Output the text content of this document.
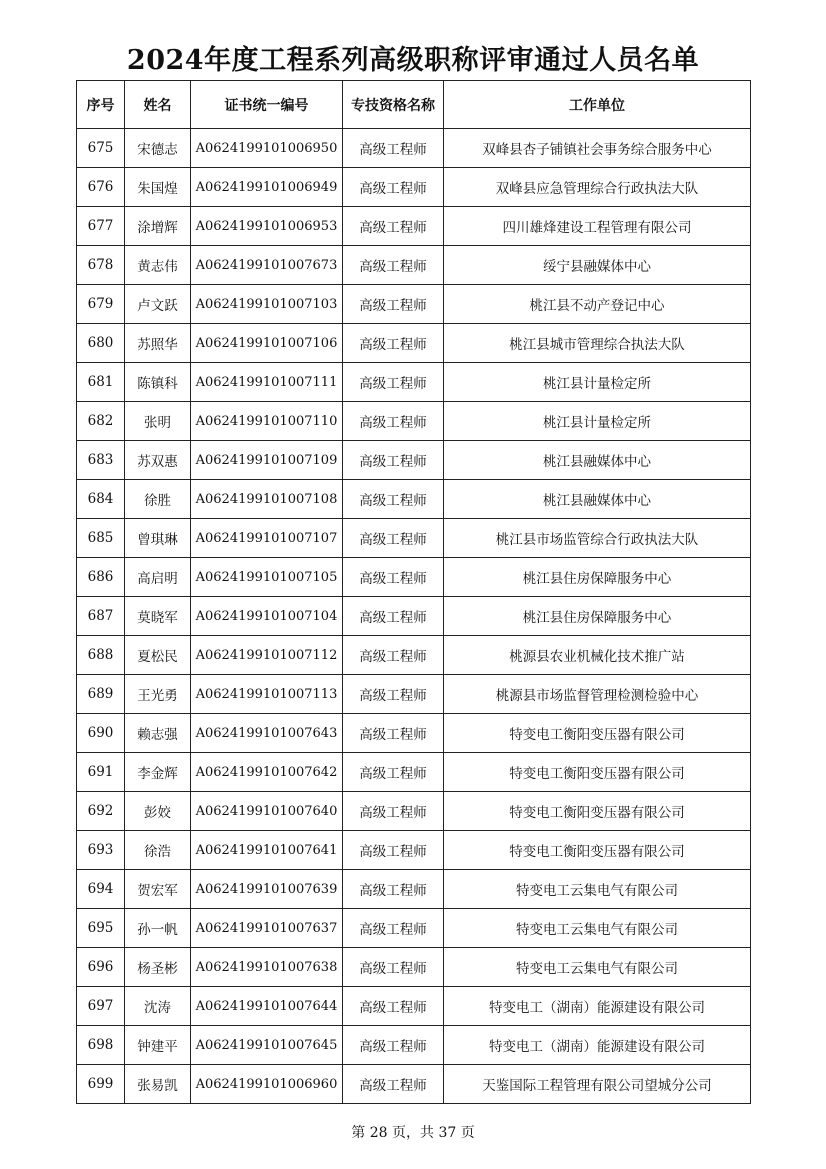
2024年度工程系列高级职称评审通过人员名单
序号	姓名	证书统一编号	专技资格名称	工作单位
675	宋德志	A0624199101006950	高级工程师	双峰县杏子铺镇社会事务综合服务中心
676	朱国煌	A0624199101006949	高级工程师	双峰县应急管理综合行政执法大队
677	涂增辉	A0624199101006953	高级工程师	四川雄烽建设工程管理有限公司
678	黄志伟	A0624199101007673	高级工程师	绥宁县融媒体中心
679	卢文跃	A0624199101007103	高级工程师	桃江县不动产登记中心
680	苏照华	A0624199101007106	高级工程师	桃江县城市管理综合执法大队
681	陈镇科	A0624199101007111	高级工程师	桃江县计量检定所
682	张明	A0624199101007110	高级工程师	桃江县计量检定所
683	苏双惠	A0624199101007109	高级工程师	桃江县融媒体中心
684	徐胜	A0624199101007108	高级工程师	桃江县融媒体中心
685	曾琪琳	A0624199101007107	高级工程师	桃江县市场监管综合行政执法大队
686	高启明	A0624199101007105	高级工程师	桃江县住房保障服务中心
687	莫晓军	A0624199101007104	高级工程师	桃江县住房保障服务中心
688	夏松民	A0624199101007112	高级工程师	桃源县农业机械化技术推广站
689	王光勇	A0624199101007113	高级工程师	桃源县市场监督管理检测检验中心
690	赖志强	A0624199101007643	高级工程师	特变电工衡阳变压器有限公司
691	李金辉	A0624199101007642	高级工程师	特变电工衡阳变压器有限公司
692	彭姣	A0624199101007640	高级工程师	特变电工衡阳变压器有限公司
693	徐浩	A0624199101007641	高级工程师	特变电工衡阳变压器有限公司
694	贺宏军	A0624199101007639	高级工程师	特变电工云集电气有限公司
695	孙一帆	A0624199101007637	高级工程师	特变电工云集电气有限公司
696	杨圣彬	A0624199101007638	高级工程师	特变电工云集电气有限公司
697	沈涛	A0624199101007644	高级工程师	特变电工（湖南）能源建设有限公司
698	钟建平	A0624199101007645	高级工程师	特变电工（湖南）能源建设有限公司
699	张易凯	A0624199101006960	高级工程师	天鉴国际工程管理有限公司望城分公司
第 28 页，共 37 页
